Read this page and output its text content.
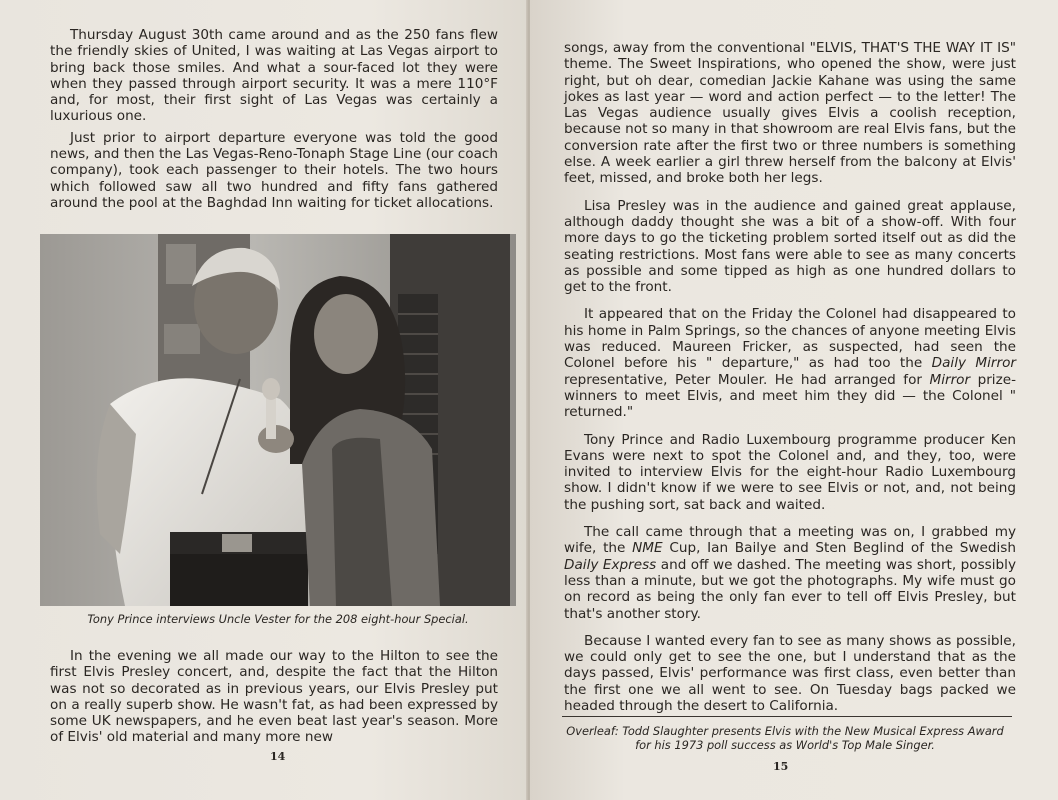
Thursday August 30th came around and as the 250 fans flew the friendly skies of United, I was waiting at Las Vegas airport to bring back those smiles. And what a sour-faced lot they were when they passed through airport security. It was a mere 110°F and, for most, their first sight of Las Vegas was certainly a luxurious one.

Just prior to airport departure everyone was told the good news, and then the Las Vegas-Reno-Tonaph Stage Line (our coach company), took each passenger to their hotels. The two hours which followed saw all two hundred and fifty fans gathered around the pool at the Baghdad Inn waiting for ticket allocations.

Tony Prince interviews Uncle Vester for the 208 eight-hour Special.

In the evening we all made our way to the Hilton to see the first Elvis Presley concert, and, despite the fact that the Hilton was not so decorated as in previous years, our Elvis Presley put on a really superb show. He wasn't fat, as had been expressed by some UK newspapers, and he even beat last year's season. More of Elvis' old material and many more new

14

songs, away from the conventional "ELVIS, THAT'S THE WAY IT IS" theme. The Sweet Inspirations, who opened the show, were just right, but oh dear, comedian Jackie Kahane was using the same jokes as last year — word and action perfect — to the letter! The Las Vegas audience usually gives Elvis a coolish reception, because not so many in that showroom are real Elvis fans, but the conversion rate after the first two or three numbers is something else. A week earlier a girl threw herself from the balcony at Elvis' feet, missed, and broke both her legs.

Lisa Presley was in the audience and gained great applause, although daddy thought she was a bit of a show-off. With four more days to go the ticketing problem sorted itself out as did the seating restrictions. Most fans were able to see as many concerts as possible and some tipped as high as one hundred dollars to get to the front.

It appeared that on the Friday the Colonel had disappeared to his home in Palm Springs, so the chances of anyone meeting Elvis was reduced. Maureen Fricker, as suspected, had seen the Colonel before his " departure," as had too the Daily Mirror representative, Peter Mouler. He had arranged for Mirror prize-winners to meet Elvis, and meet him they did — the Colonel " returned."

Tony Prince and Radio Luxembourg programme producer Ken Evans were next to spot the Colonel and, and they, too, were invited to interview Elvis for the eight-hour Radio Luxembourg show. I didn't know if we were to see Elvis or not, and, not being the pushing sort, sat back and waited.

The call came through that a meeting was on, I grabbed my wife, the NME Cup, Ian Bailye and Sten Beglind of the Swedish Daily Express and off we dashed. The meeting was short, possibly less than a minute, but we got the photographs. My wife must go on record as being the only fan ever to tell off Elvis Presley, but that's another story.

Because I wanted every fan to see as many shows as possible, we could only get to see the one, but I understand that as the days passed, Elvis' performance was first class, even better than the first one we all went to see. On Tuesday bags packed we headed through the desert to California.

Overleaf: Todd Slaughter presents Elvis with the New Musical Express Award for his 1973 poll success as World's Top Male Singer.

15
